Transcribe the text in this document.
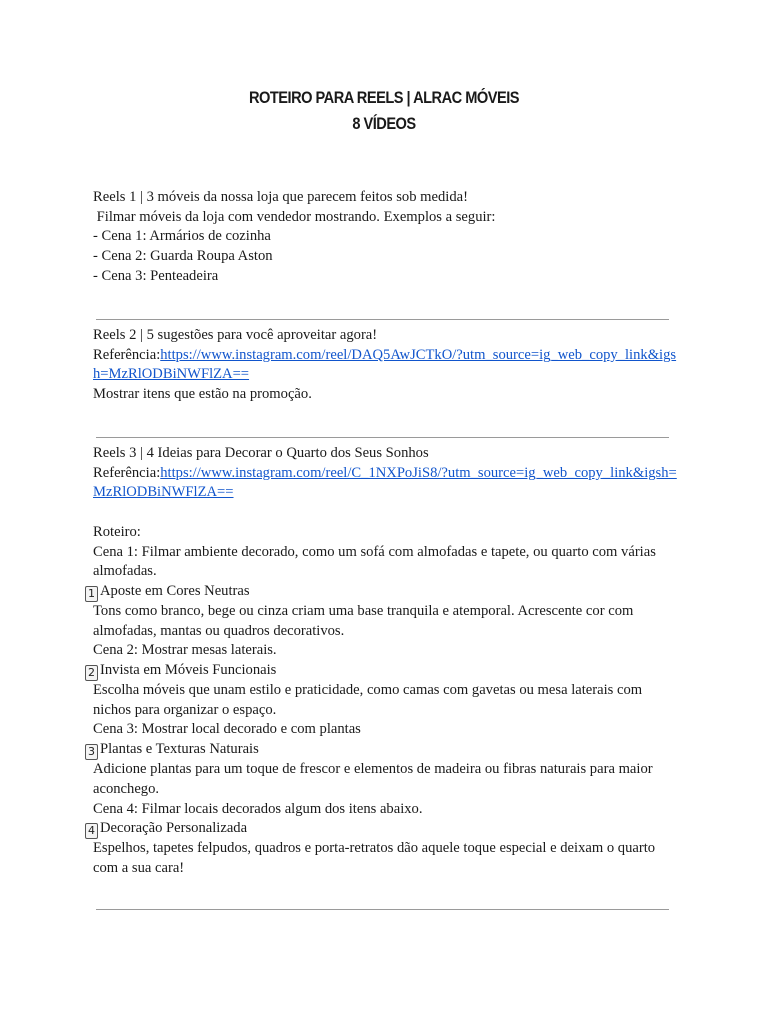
ROTEIRO PARA REELS | ALRAC MÓVEIS
8 VÍDEOS
Reels 1 | 3 móveis da nossa loja que parecem feitos sob medida!
Filmar móveis da loja com vendedor mostrando. Exemplos a seguir:
- Cena 1: Armários de cozinha
- Cena 2: Guarda Roupa Aston
- Cena 3: Penteadeira
Reels 2 | 5 sugestões para você aproveitar agora!
Referência:https://www.instagram.com/reel/DAQ5AwJCTkO/?utm_source=ig_web_copy_link&igsh=MzRlODBiNWFlZA==
Mostrar itens que estão na promoção.
Reels 3 | 4 Ideias para Decorar o Quarto dos Seus Sonhos
Referência:https://www.instagram.com/reel/C_1NXPoJiS8/?utm_source=ig_web_copy_link&igsh=MzRlODBiNWFlZA==
Roteiro:
Cena 1: Filmar ambiente decorado, como um sofá com almofadas e tapete, ou quarto com várias almofadas.
1 Aposte em Cores Neutras
Tons como branco, bege ou cinza criam uma base tranquila e atemporal. Acrescente cor com almofadas, mantas ou quadros decorativos.
Cena 2: Mostrar mesas laterais.
2 Invista em Móveis Funcionais
Escolha móveis que unam estilo e praticidade, como camas com gavetas ou mesa laterais com nichos para organizar o espaço.
Cena 3: Mostrar local decorado e com plantas
3 Plantas e Texturas Naturais
Adicione plantas para um toque de frescor e elementos de madeira ou fibras naturais para maior aconchego.
Cena 4: Filmar locais decorados algum dos itens abaixo.
4 Decoração Personalizada
Espelhos, tapetes felpudos, quadros e porta-retratos dão aquele toque especial e deixam o quarto com a sua cara!
